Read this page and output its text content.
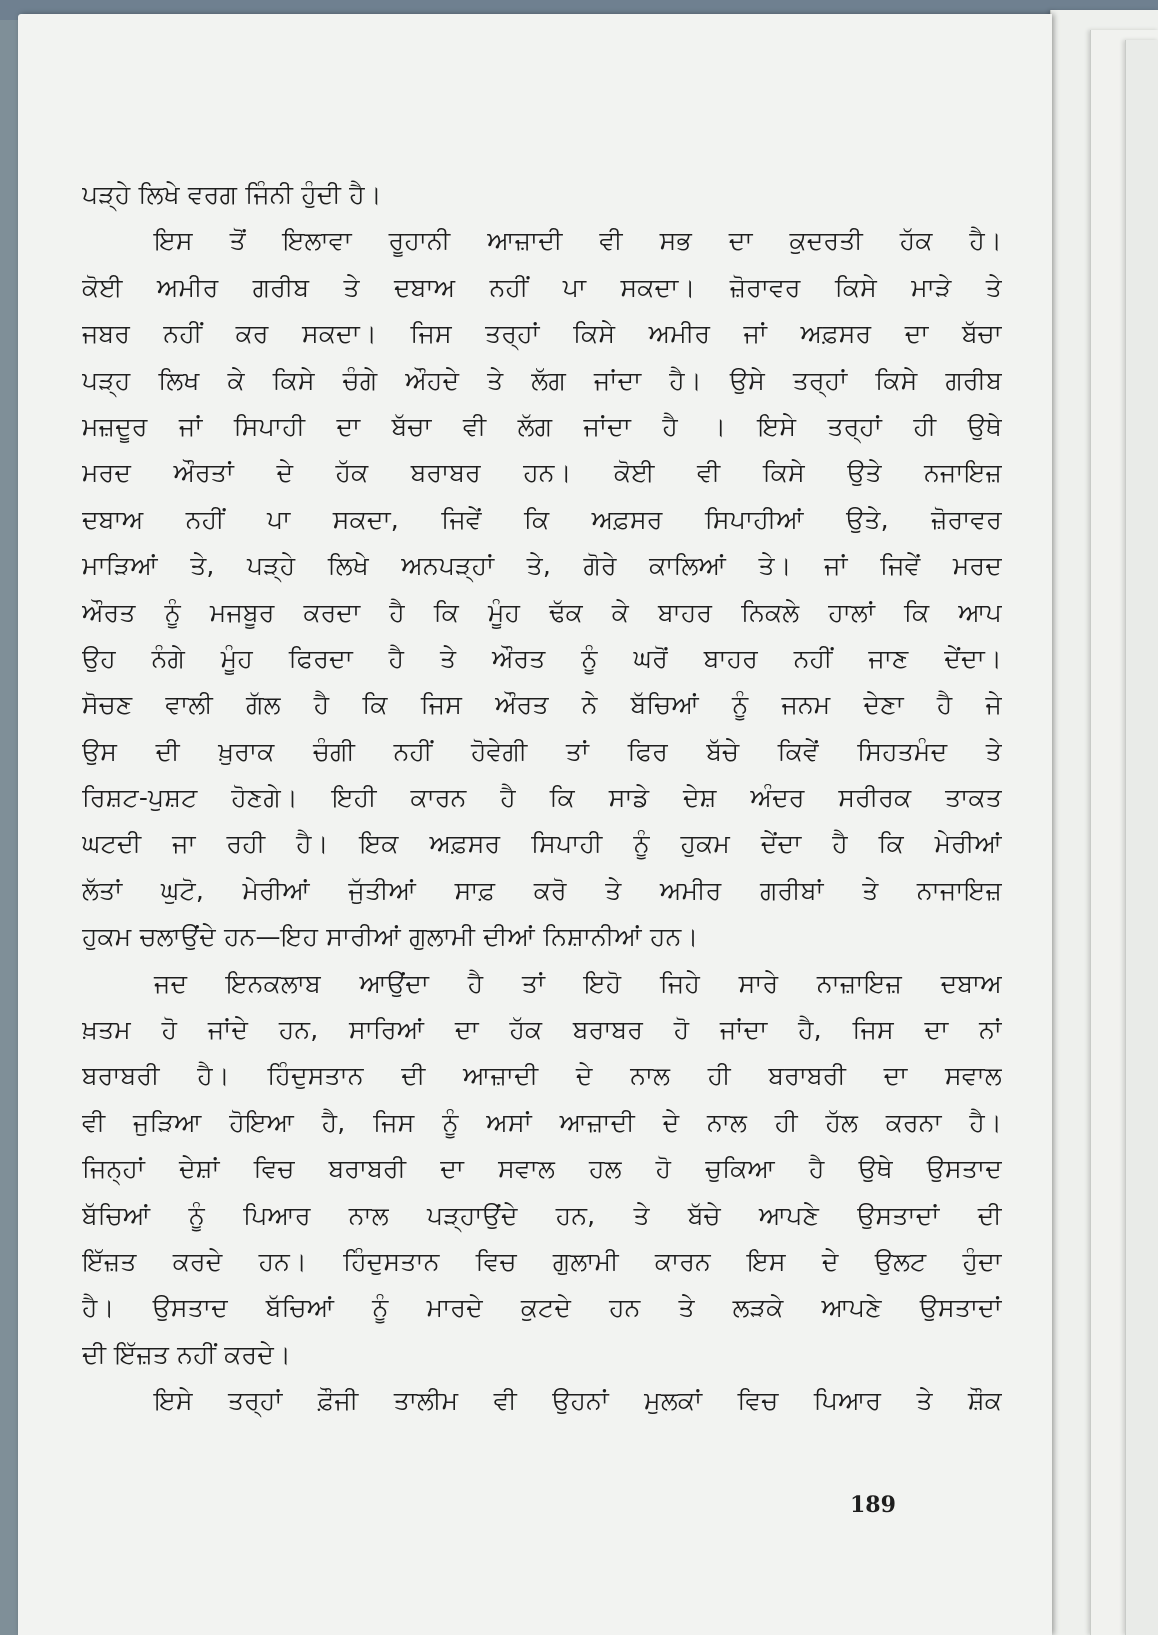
ਪੜ੍ਹੇ ਲਿਖੇ ਵਰਗ ਜਿੰਨੀ ਹੁੰਦੀ ਹੈ।
ਇਸ ਤੋਂ ਇਲਾਵਾ ਰੂਹਾਨੀ ਆਜ਼ਾਦੀ ਵੀ ਸਭ ਦਾ ਕੁਦਰਤੀ ਹੱਕ ਹੈ।
ਕੋਈ ਅਮੀਰ ਗਰੀਬ ਤੇ ਦਬਾਅ ਨਹੀਂ ਪਾ ਸਕਦਾ। ਜ਼ੋਰਾਵਰ ਕਿਸੇ ਮਾੜੇ ਤੇ
ਜਬਰ ਨਹੀਂ ਕਰ ਸਕਦਾ। ਜਿਸ ਤਰ੍ਹਾਂ ਕਿਸੇ ਅਮੀਰ ਜਾਂ ਅਫ਼ਸਰ ਦਾ ਬੱਚਾ
ਪੜ੍ਹ ਲਿਖ ਕੇ ਕਿਸੇ ਚੰਗੇ ਔਹਦੇ ਤੇ ਲੱਗ ਜਾਂਦਾ ਹੈ। ਉਸੇ ਤਰ੍ਹਾਂ ਕਿਸੇ ਗਰੀਬ
ਮਜ਼ਦੂਰ ਜਾਂ ਸਿਪਾਹੀ ਦਾ ਬੱਚਾ ਵੀ ਲੱਗ ਜਾਂਦਾ ਹੈ । ਇਸੇ ਤਰ੍ਹਾਂ ਹੀ ਉਥੇ
ਮਰਦ ਔਰਤਾਂ ਦੇ ਹੱਕ ਬਰਾਬਰ ਹਨ। ਕੋਈ ਵੀ ਕਿਸੇ ਉਤੇ ਨਜਾਇਜ਼
ਦਬਾਅ ਨਹੀਂ ਪਾ ਸਕਦਾ, ਜਿਵੇਂ ਕਿ ਅਫ਼ਸਰ ਸਿਪਾਹੀਆਂ ਉਤੇ, ਜ਼ੋਰਾਵਰ
ਮਾੜਿਆਂ ਤੇ, ਪੜ੍ਹੇ ਲਿਖੇ ਅਨਪੜ੍ਹਾਂ ਤੇ, ਗੋਰੇ ਕਾਲਿਆਂ ਤੇ। ਜਾਂ ਜਿਵੇਂ ਮਰਦ
ਔਰਤ ਨੂੰ ਮਜਬੂਰ ਕਰਦਾ ਹੈ ਕਿ ਮੂੰਹ ਢੱਕ ਕੇ ਬਾਹਰ ਨਿਕਲੇ ਹਾਲਾਂ ਕਿ ਆਪ
ਉਹ ਨੰਗੇ ਮੂੰਹ ਫਿਰਦਾ ਹੈ ਤੇ ਔਰਤ ਨੂੰ ਘਰੋਂ ਬਾਹਰ ਨਹੀਂ ਜਾਣ ਦੇਂਦਾ।
ਸੋਚਣ ਵਾਲੀ ਗੱਲ ਹੈ ਕਿ ਜਿਸ ਔਰਤ ਨੇ ਬੱਚਿਆਂ ਨੂੰ ਜਨਮ ਦੇਣਾ ਹੈ ਜੇ
ਉਸ ਦੀ ਖ਼ੁਰਾਕ ਚੰਗੀ ਨਹੀਂ ਹੋਵੇਗੀ ਤਾਂ ਫਿਰ ਬੱਚੇ ਕਿਵੇਂ ਸਿਹਤਮੰਦ ਤੇ
ਰਿਸ਼ਟ-ਪੁਸ਼ਟ ਹੋਣਗੇ। ਇਹੀ ਕਾਰਨ ਹੈ ਕਿ ਸਾਡੇ ਦੇਸ਼ ਅੰਦਰ ਸਰੀਰਕ ਤਾਕਤ
ਘਟਦੀ ਜਾ ਰਹੀ ਹੈ। ਇਕ ਅਫ਼ਸਰ ਸਿਪਾਹੀ ਨੂੰ ਹੁਕਮ ਦੇਂਦਾ ਹੈ ਕਿ ਮੇਰੀਆਂ
ਲੱਤਾਂ ਘੁਟੋ, ਮੇਰੀਆਂ ਜੁੱਤੀਆਂ ਸਾਫ਼ ਕਰੋ ਤੇ ਅਮੀਰ ਗਰੀਬਾਂ ਤੇ ਨਾਜਾਇਜ਼
ਹੁਕਮ ਚਲਾਉਂਦੇ ਹਨ—ਇਹ ਸਾਰੀਆਂ ਗੁਲਾਮੀ ਦੀਆਂ ਨਿਸ਼ਾਨੀਆਂ ਹਨ।
ਜਦ ਇਨਕਲਾਬ ਆਉਂਦਾ ਹੈ ਤਾਂ ਇਹੋ ਜਿਹੇ ਸਾਰੇ ਨਾਜ਼ਾਇਜ਼ ਦਬਾਅ
ਖ਼ਤਮ ਹੋ ਜਾਂਦੇ ਹਨ, ਸਾਰਿਆਂ ਦਾ ਹੱਕ ਬਰਾਬਰ ਹੋ ਜਾਂਦਾ ਹੈ, ਜਿਸ ਦਾ ਨਾਂ
ਬਰਾਬਰੀ ਹੈ। ਹਿੰਦੁਸਤਾਨ ਦੀ ਆਜ਼ਾਦੀ ਦੇ ਨਾਲ ਹੀ ਬਰਾਬਰੀ ਦਾ ਸਵਾਲ
ਵੀ ਜੁੜਿਆ ਹੋਇਆ ਹੈ, ਜਿਸ ਨੂੰ ਅਸਾਂ ਆਜ਼ਾਦੀ ਦੇ ਨਾਲ ਹੀ ਹੱਲ ਕਰਨਾ ਹੈ।
ਜਿਨ੍ਹਾਂ ਦੇਸ਼ਾਂ ਵਿਚ ਬਰਾਬਰੀ ਦਾ ਸਵਾਲ ਹਲ ਹੋ ਚੁਕਿਆ ਹੈ ਉਥੇ ਉਸਤਾਦ
ਬੱਚਿਆਂ ਨੂੰ ਪਿਆਰ ਨਾਲ ਪੜ੍ਹਾਉਂਦੇ ਹਨ, ਤੇ ਬੱਚੇ ਆਪਣੇ ਉਸਤਾਦਾਂ ਦੀ
ਇੱਜ਼ਤ ਕਰਦੇ ਹਨ। ਹਿੰਦੁਸਤਾਨ ਵਿਚ ਗੁਲਾਮੀ ਕਾਰਨ ਇਸ ਦੇ ਉਲਟ ਹੁੰਦਾ
ਹੈ। ਉਸਤਾਦ ਬੱਚਿਆਂ ਨੂੰ ਮਾਰਦੇ ਕੁਟਦੇ ਹਨ ਤੇ ਲੜਕੇ ਆਪਣੇ ਉਸਤਾਦਾਂ
ਦੀ ਇੱਜ਼ਤ ਨਹੀਂ ਕਰਦੇ।
ਇਸੇ ਤਰ੍ਹਾਂ ਫ਼ੌਜੀ ਤਾਲੀਮ ਵੀ ਉਹਨਾਂ ਮੁਲਕਾਂ ਵਿਚ ਪਿਆਰ ਤੇ ਸ਼ੌਕ
189
